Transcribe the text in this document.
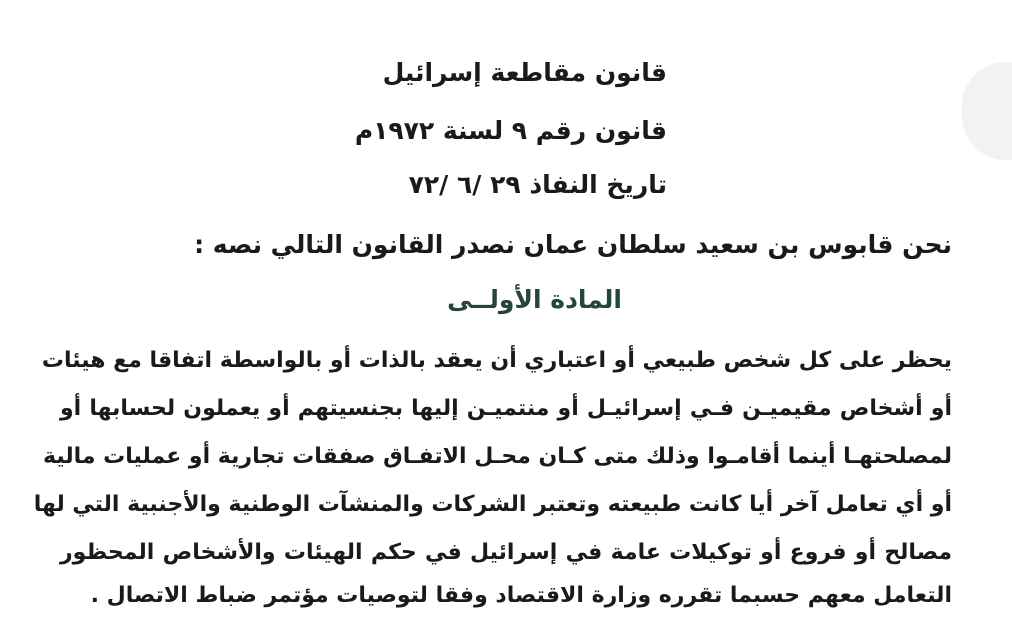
قانون مقاطعة إسرائيل
قانون رقم ٩ لسنة ١٩٧٢م
تاريخ النفاذ ٢٩ /٦ /٧٢
نحن قابوس بن سعيد سلطان عمان نصدر القانون التالي نصه :
المادة الأولــى
يحظر على كل شخص طبيعي أو اعتباري أن يعقد بالذات أو بالواسطة اتفاقا مع هيئات
أو أشخاص مقيميـن فـي إسرائيـل أو منتميـن إليها بجنسيتهم أو يعملون لحسابها أو
لمصلحتهـا أينما أقامـوا وذلك متى كـان محـل الاتفـاق صفقات تجارية أو عمليات مالية
أو أي تعامل آخر أيا كانت طبيعته وتعتبر الشركات والمنشآت الوطنية والأجنبية التي لها
مصالح أو فروع أو توكيلات عامة في إسرائيل في حكم الهيئات والأشخاص المحظور
التعامل معهم حسبما تقرره وزارة الاقتصاد وفقا لتوصيات مؤتمر ضباط الاتصال .
